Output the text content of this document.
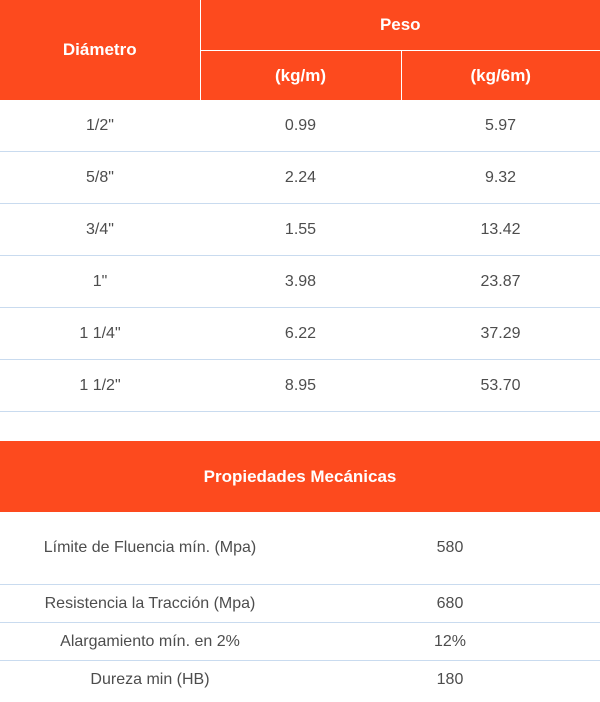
Diámetro	Peso	
	(kg/m)	(kg/6m)
1/2"	0.99	5.97
5/8"	2.24	9.32
3/4"	1.55	13.42
1"	3.98	23.87
1 1/4"	6.22	37.29
1 1/2"	8.95	53.70
Propiedades Mecánicas	
Límite de Fluencia mín. (Mpa)	580
Resistencia la Tracción (Mpa)	680
Alargamiento mín. en 2%	12%
Dureza min (HB)	180
